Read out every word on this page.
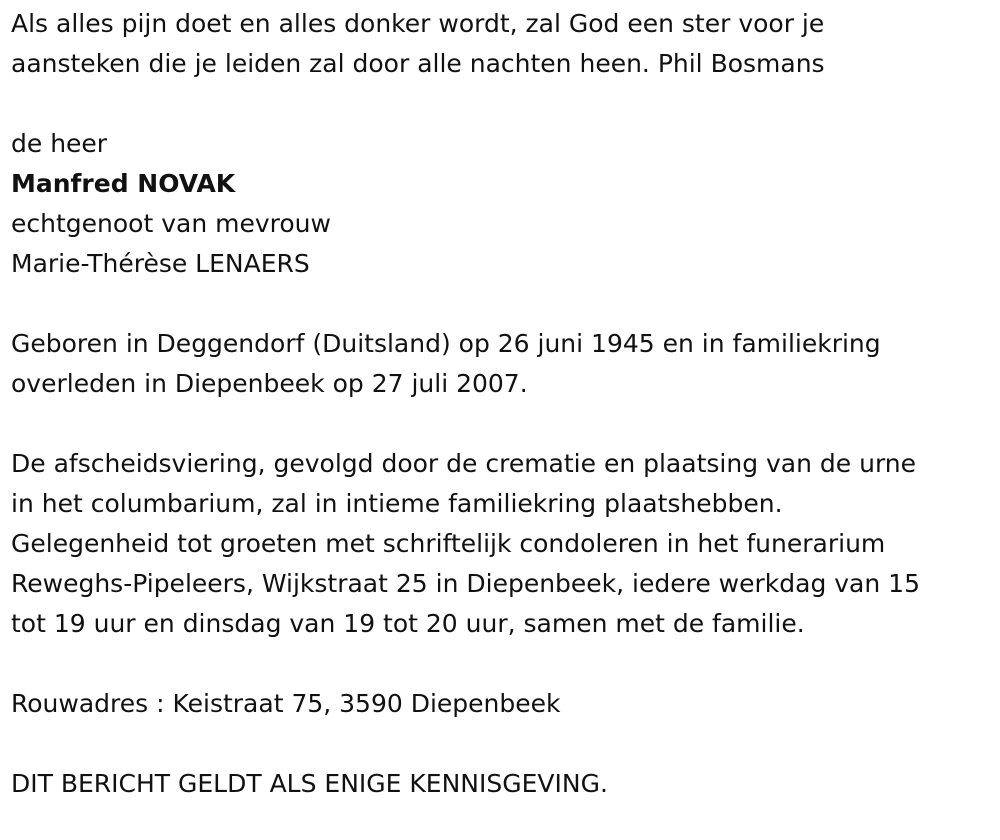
Als alles pijn doet en alles donker wordt, zal God een ster voor je
aansteken die je leiden zal door alle nachten heen. Phil Bosmans
de heer
Manfred NOVAK
echtgenoot van mevrouw
Marie-Thérèse LENAERS
Geboren in Deggendorf (Duitsland) op 26 juni 1945 en in familiekring
overleden in Diepenbeek op 27 juli 2007.
De afscheidsviering, gevolgd door de crematie en plaatsing van de urne
in het columbarium, zal in intieme familiekring plaatshebben.
Gelegenheid tot groeten met schriftelijk condoleren in het funerarium
Reweghs-Pipeleers, Wijkstraat 25 in Diepenbeek, iedere werkdag van 15
tot 19 uur en dinsdag van 19 tot 20 uur, samen met de familie.
Rouwadres : Keistraat 75, 3590 Diepenbeek
DIT BERICHT GELDT ALS ENIGE KENNISGEVING.
